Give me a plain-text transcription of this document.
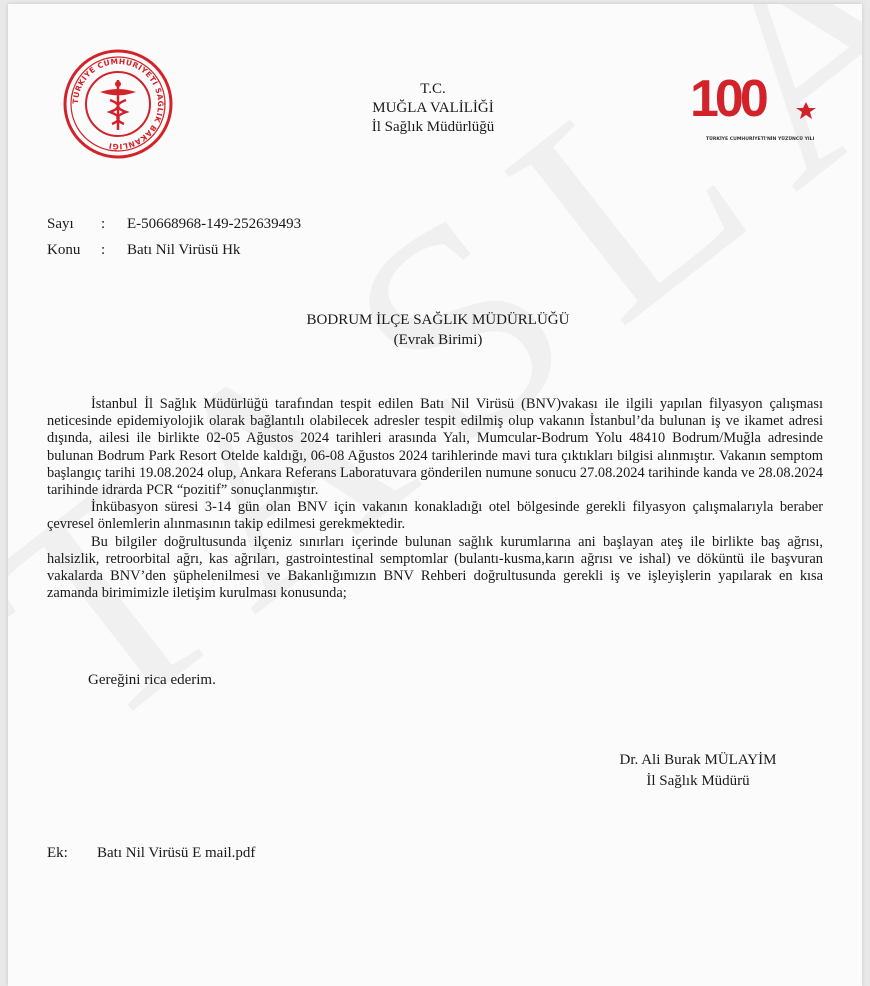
TÜRKİYE CUMHURİYETİ SAĞLIK BAKANLIĞI
T.C.
MUĞLA VALİLİĞİ
İl Sağlık Müdürlüğü	100
TÜRKİYE CUMHURİYETİ'NİN YÜZÜNCÜ YILI
Sayı : E-50668968-149-252639493
Konu : Batı Nil Virüsü Hk
BODRUM İLÇE SAĞLIK MÜDÜRLÜĞÜ
(Evrak Birimi)

İstanbul İl Sağlık Müdürlüğü tarafından tespit edilen Batı Nil Virüsü (BNV)vakası ile ilgili yapılan filyasyon çalışması neticesinde epidemiyolojik olarak bağlantılı olabilecek adresler tespit edilmiş olup vakanın İstanbul’da bulunan iş ve ikamet adresi dışında, ailesi ile birlikte 02-05 Ağustos 2024 tarihleri arasında Yalı, Mumcular-Bodrum Yolu 48410 Bodrum/Muğla adresinde bulunan Bodrum Park Resort Otelde kaldığı, 06-08 Ağustos 2024 tarihlerinde mavi tura çıktıkları bilgisi alınmıştır. Vakanın semptom başlangıç tarihi 19.08.2024 olup, Ankara Referans Laboratuvara gönderilen numune sonucu 27.08.2024 tarihinde kanda ve 28.08.2024 tarihinde idrarda PCR “pozitif” sonuçlanmıştır.

İnkübasyon süresi 3-14 gün olan BNV için vakanın konakladığı otel bölgesinde gerekli filyasyon çalışmalarıyla beraber çevresel önlemlerin alınmasının takip edilmesi gerekmektedir.

Bu bilgiler doğrultusunda ilçeniz sınırları içerinde bulunan sağlık kurumlarına ani başlayan ateş ile birlikte baş ağrısı, halsizlik, retroorbital ağrı, kas ağrıları, gastrointestinal semptomlar (bulantı-kusma,karın ağrısı ve ishal) ve döküntü ile başvuran vakalarda BNV’den şüphelenilmesi ve Bakanlığımızın BNV Rehberi doğrultusunda gerekli iş ve işleyişlerin yapılarak en kısa zamanda birimimizle iletişim kurulması konusunda;

Gereğini rica ederim.
Dr. Ali Burak MÜLAYİM
İl Sağlık Müdürü
Ek: Batı Nil Virüsü E mail.pdf
